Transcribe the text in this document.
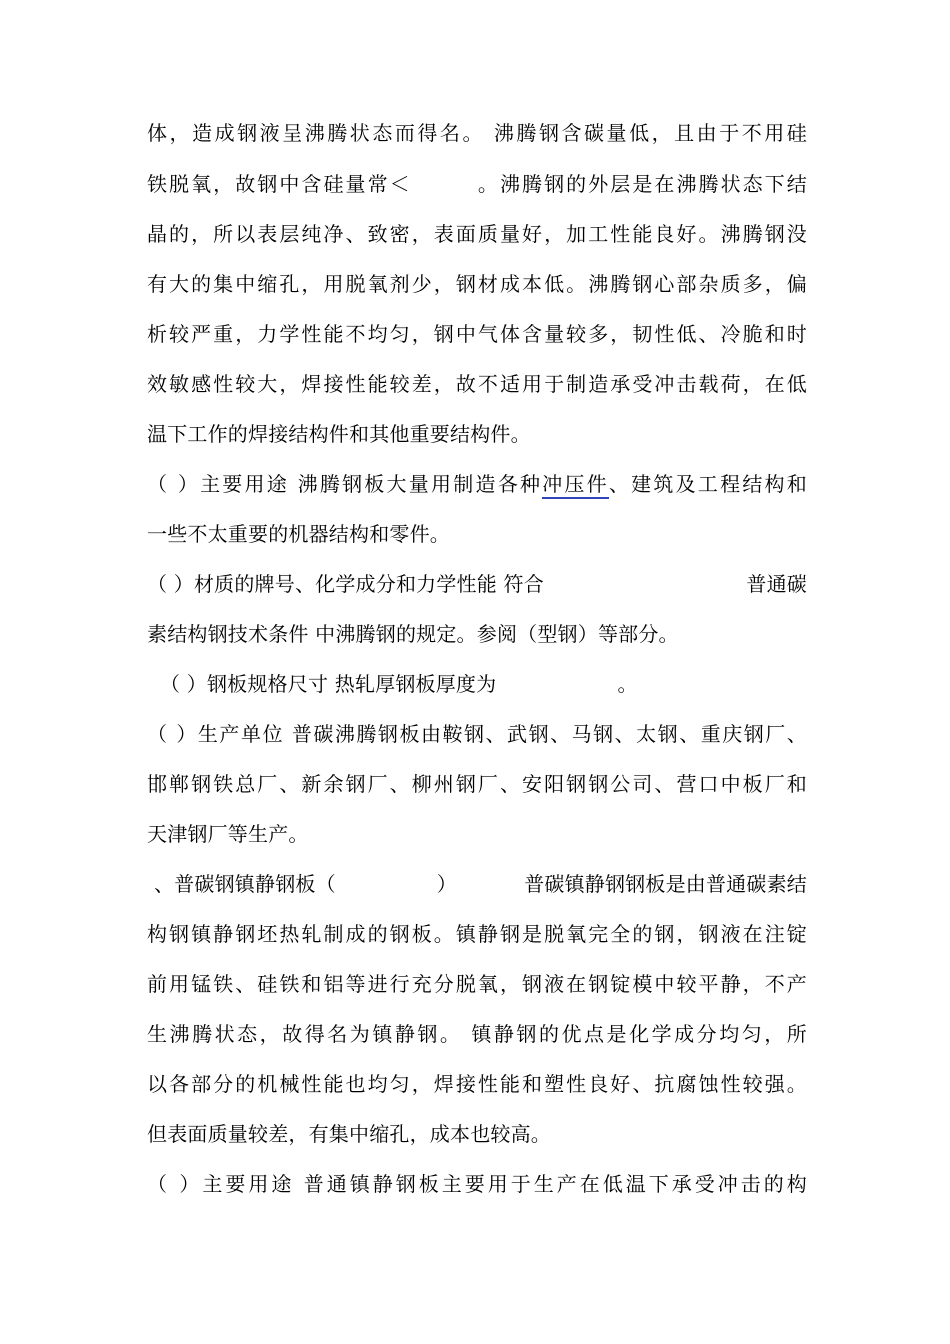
体，造成钢液呈沸腾状态而得名。 沸腾钢含碳量低，且由于不用硅
铁脱氧，故钢中含硅量常＜　　　。沸腾钢的外层是在沸腾状态下结
晶的，所以表层纯净、致密，表面质量好，加工性能良好。沸腾钢没
有大的集中缩孔，用脱氧剂少，钢材成本低。沸腾钢心部杂质多，偏
析较严重，力学性能不均匀，钢中气体含量较多，韧性低、冷脆和时
效敏感性较大，焊接性能较差，故不适用于制造承受冲击载荷，在低
温下工作的焊接结构件和其他重要结构件。
（ ）主要用途 沸腾钢板大量用制造各种冲压件、建筑及工程结构和
一些不太重要的机器结构和零件。
（ ）材质的牌号、化学成分和力学性能 符合	普通碳
素结构钢技术条件 中沸腾钢的规定。参阅（型钢）等部分。
（ ）钢板规格尺寸 热轧厚钢板厚度为　　　　　　。
（ ）生产单位 普碳沸腾钢板由鞍钢、武钢、马钢、太钢、重庆钢厂、
邯郸钢铁总厂、新余钢厂、柳州钢厂、安阳钢钢公司、营口中板厂和
天津钢厂等生产。
、普碳钢镇静钢板（　　　　　）	普碳镇静钢钢板是由普通碳素结
构钢镇静钢坯热轧制成的钢板。镇静钢是脱氧完全的钢，钢液在注锭
前用锰铁、硅铁和铝等进行充分脱氧，钢液在钢锭模中较平静，不产
生沸腾状态，故得名为镇静钢。 镇静钢的优点是化学成分均匀，所
以各部分的机械性能也均匀，焊接性能和塑性良好、抗腐蚀性较强。
但表面质量较差，有集中缩孔，成本也较高。
（ ）主要用途 普通镇静钢板主要用于生产在低温下承受冲击的构
